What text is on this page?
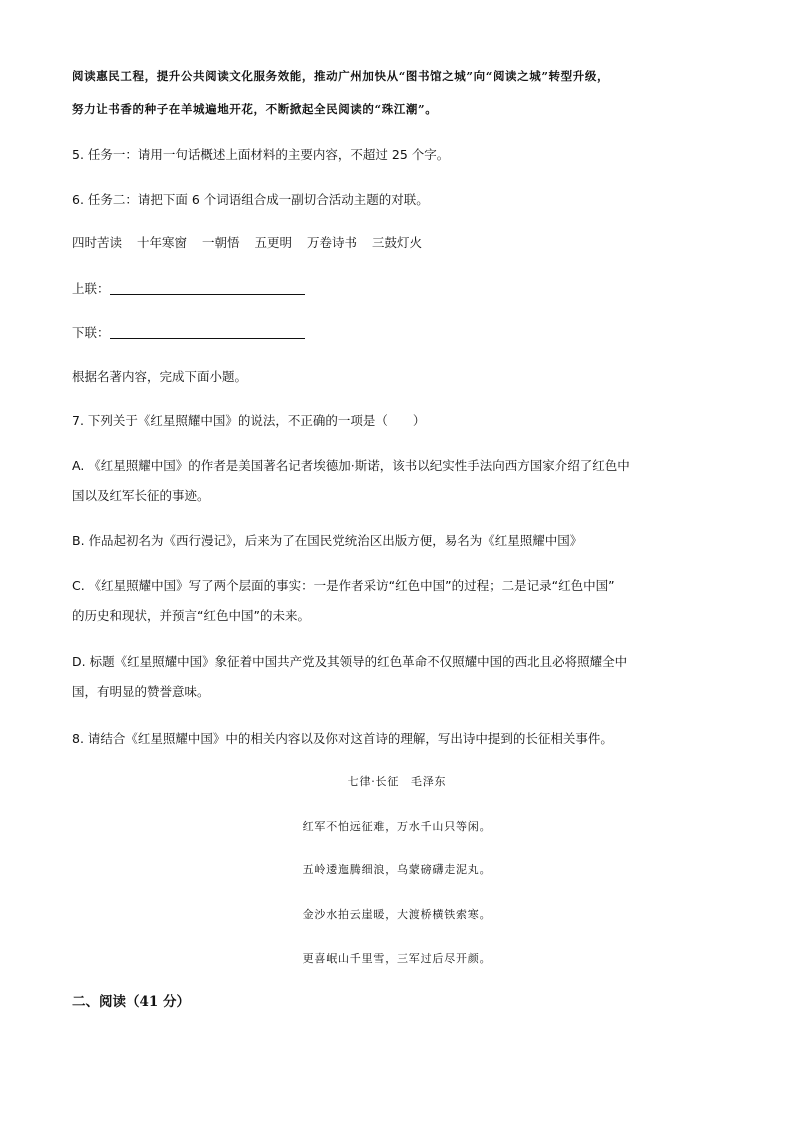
阅读惠民工程，提升公共阅读文化服务效能，推动广州加快从“图书馆之城”向“阅读之城”转型升级，
努力让书香的种子在羊城遍地开花，不断掀起全民阅读的“珠江潮”。
5. 任务一：请用一句话概述上面材料的主要内容，不超过 25 个字。
6. 任务二：请把下面 6 个词语组合成一副切合活动主题的对联。
四时苦读 十年寒窗 一朝悟 五更明 万卷诗书 三鼓灯火
上联：
下联：
根据名著内容，完成下面小题。
7. 下列关于《红星照耀中国》的说法，不正确的一项是（　　）
A. 《红星照耀中国》的作者是美国著名记者埃德加·斯诺，该书以纪实性手法向西方国家介绍了红色中
国以及红军长征的事迹。
B. 作品起初名为《西行漫记》，后来为了在国民党统治区出版方便，易名为《红星照耀中国》
C. 《红星照耀中国》写了两个层面的事实：一是作者采访“红色中国”的过程；二是记录“红色中国”
的历史和现状，并预言“红色中国”的未来。
D. 标题《红星照耀中国》象征着中国共产党及其领导的红色革命不仅照耀中国的西北且必将照耀全中
国，有明显的赞誉意味。
8. 请结合《红星照耀中国》中的相关内容以及你对这首诗的理解，写出诗中提到的长征相关事件。
七律·长征　毛泽东
红军不怕远征难，万水千山只等闲。
五岭逶迤腾细浪，乌蒙磅礴走泥丸。
金沙水拍云崖暖，大渡桥横铁索寒。
更喜岷山千里雪，三军过后尽开颜。
二、阅读（41 分）
